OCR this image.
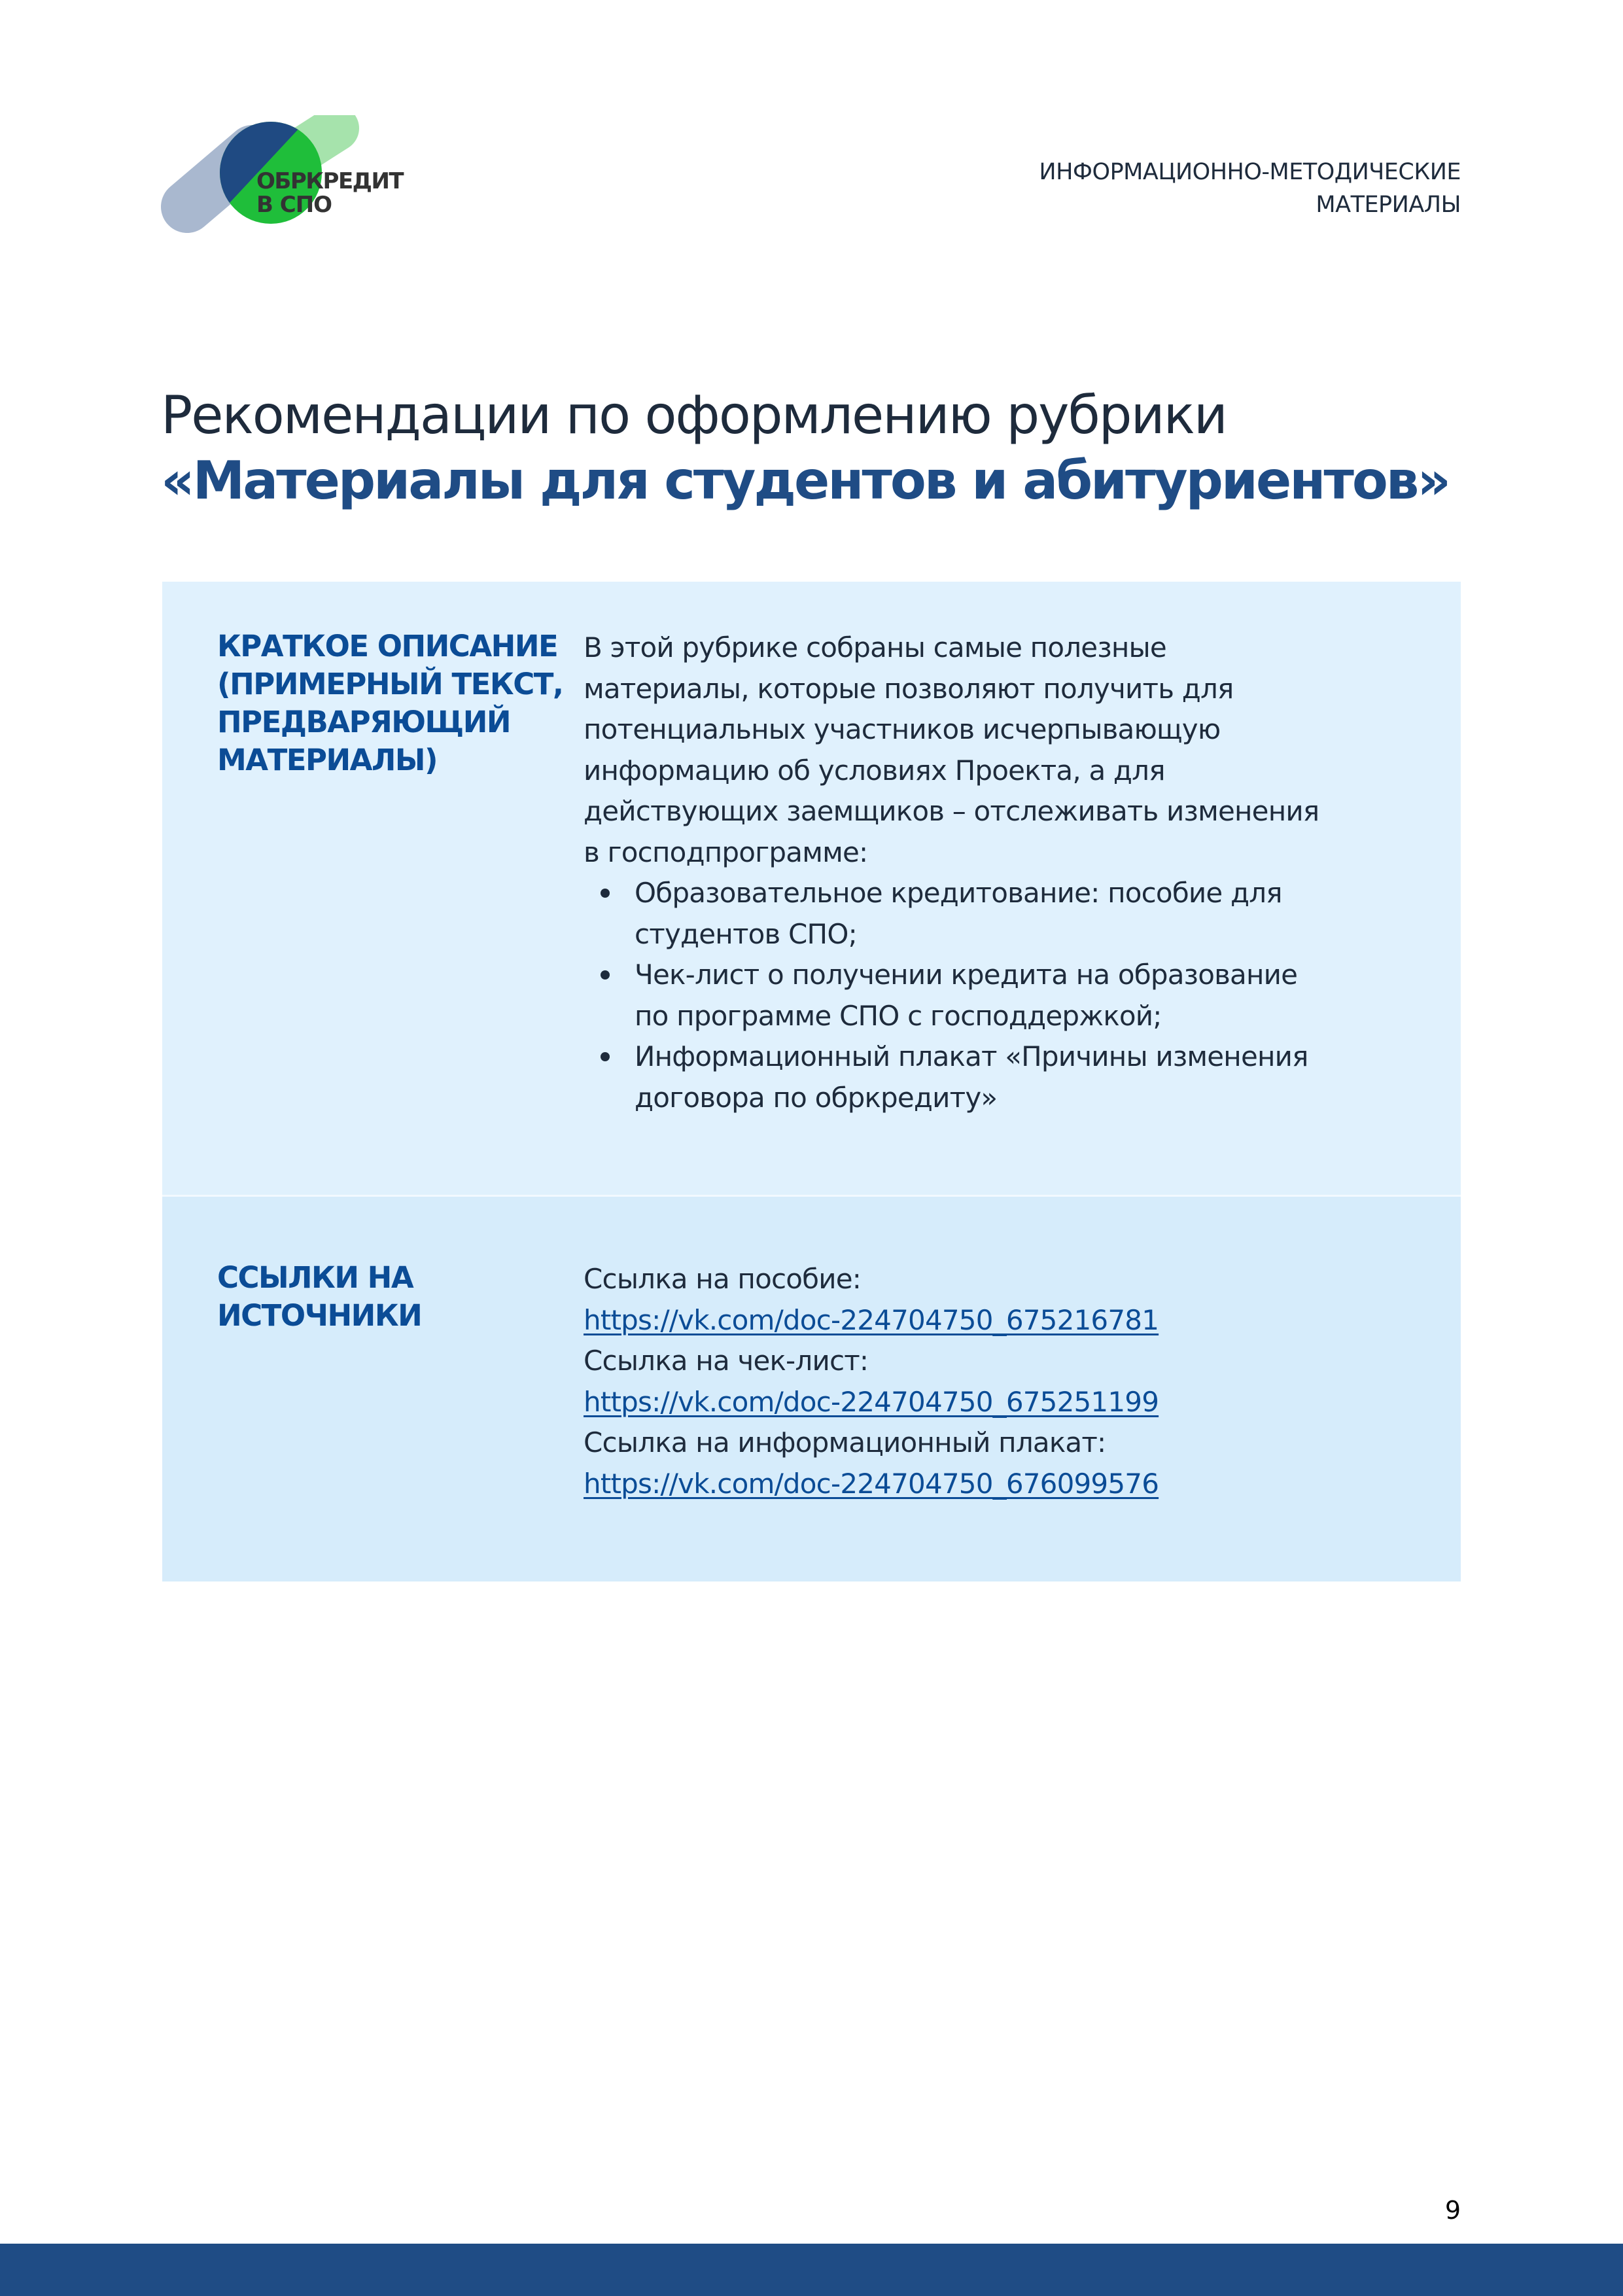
ОБРКРЕДИТ
В СПО
ИНФОРМАЦИОННО-МЕТОДИЧЕСКИЕ
МАТЕРИАЛЫ
Рекомендации по оформлению рубрики
«Материалы для студентов и абитуриентов»
КРАТКОЕ ОПИСАНИЕ
(ПРИМЕРНЫЙ ТЕКСТ,
ПРЕДВАРЯЮЩИЙ
МАТЕРИАЛЫ)
В этой рубрике собраны самые полезные
материалы, которые позволяют получить для
потенциальных участников исчерпывающую
информацию об условиях Проекта, а для
действующих заемщиков – отслеживать изменения
в господпрограмме:
Образовательное кредитование: пособие для
студентов СПО;
Чек-лист о получении кредита на образование
по программе СПО с господдержкой;
Информационный плакат «Причины изменения
договора по обркредиту»
ССЫЛКИ НА
ИСТОЧНИКИ
Ссылка на пособие:
https://vk.com/doc-224704750_675216781
Ссылка на чек-лист:
https://vk.com/doc-224704750_675251199
Ссылка на информационный плакат:
https://vk.com/doc-224704750_676099576
9
